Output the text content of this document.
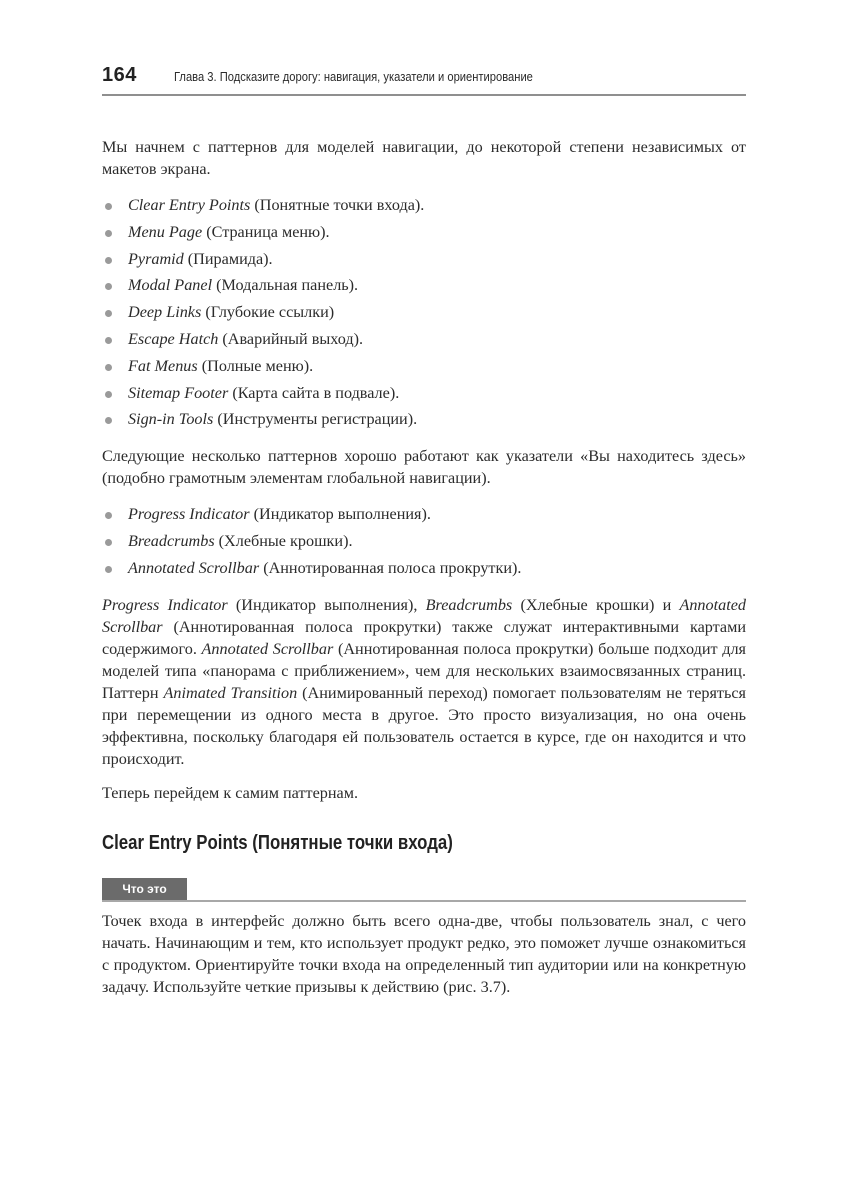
164	Глава 3. Подсказите дорогу: навигация, указатели и ориентирование

Мы начнем с паттернов для моделей навигации, до некоторой степени независимых от макетов экрана.

Clear Entry Points (Понятные точки входа).
Menu Page (Страница меню).
Pyramid (Пирамида).
Modal Panel (Модальная панель).
Deep Links (Глубокие ссылки)
Escape Hatch (Аварийный выход).
Fat Menus (Полные меню).
Sitemap Footer (Карта сайта в подвале).
Sign-in Tools (Инструменты регистрации).

Следующие несколько паттернов хорошо работают как указатели «Вы находитесь здесь» (подобно грамотным элементам глобальной навигации).

Progress Indicator (Индикатор выполнения).
Breadcrumbs (Хлебные крошки).
Annotated Scrollbar (Аннотированная полоса прокрутки).

Progress Indicator (Индикатор выполнения), Breadcrumbs (Хлебные крошки) и Annotated Scrollbar (Аннотированная полоса прокрутки) также служат интерактивными картами содержимого. Annotated Scrollbar (Аннотированная полоса прокрутки) больше подходит для моделей типа «панорама с приближением», чем для нескольких взаимосвязанных страниц. Паттерн Animated Transition (Анимированный переход) помогает пользователям не теряться при перемещении из одного места в другое. Это просто визуализация, но она очень эффективна, поскольку благодаря ей пользователь остается в курсе, где он находится и что происходит.

Теперь перейдем к самим паттернам.

Clear Entry Points (Понятные точки входа)
Что это

Точек входа в интерфейс должно быть всего одна-две, чтобы пользователь знал, с чего начать. Начинающим и тем, кто использует продукт редко, это поможет лучше ознакомиться с продуктом. Ориентируйте точки входа на определенный тип аудитории или на конкретную задачу. Используйте четкие призывы к действию (рис. 3.7).
